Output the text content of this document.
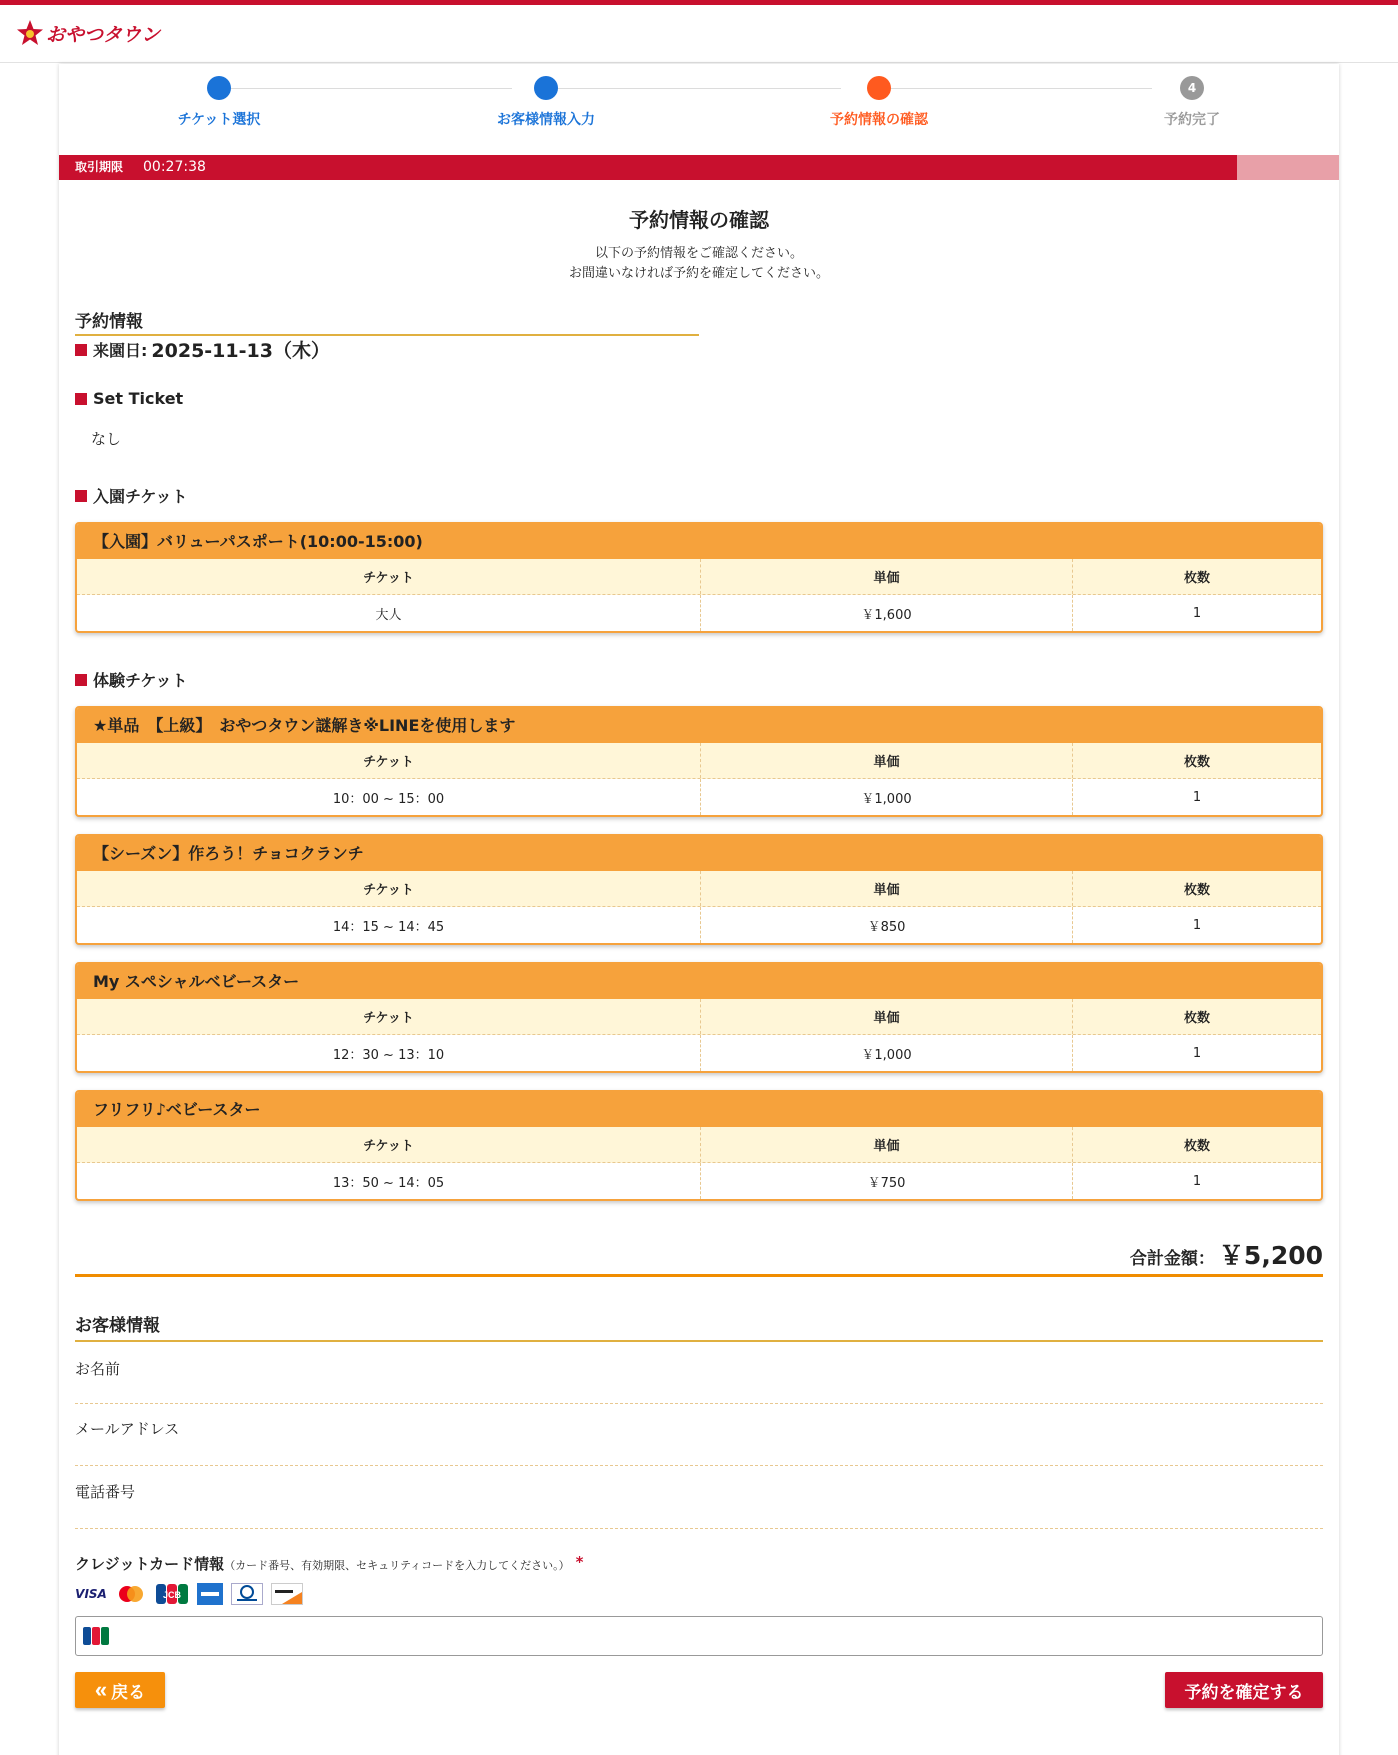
おやつタウン
チケット選択	お客様情報入力	予約情報の確認
4
予約完了
取引期限 00:27:38
予約情報の確認
以下の予約情報をご確認ください。
お間違いなければ予約を確定してください。
予約情報
来園日: 2025-11-13（木）
Set Ticket
なし
入園チケット
【入園】バリューパスポート(10:00-15:00)
チケット	単価	枚数
大人	￥1,600	1
体験チケット
★単品　【上級】　おやつタウン謎解き※LINEを使用します
チケット	単価	枚数
10：00 ~ 15：00	￥1,000	1
【シーズン】作ろう！チョコクランチ
チケット	単価	枚数
14：15 ~ 14：45	￥850	1
My スペシャルベビースター
チケット	単価	枚数
12：30 ~ 13：10	￥1,000	1
フリフリ♪ベビースター
チケット	単価	枚数
13：50 ~ 14：05	￥750	1
合計金額： ￥5,200
お客様情報
お名前
メールアドレス
電話番号
クレジットカード情報（カード番号、有効期限、セキュリティコードを入力してください。） *
VISA	JCB
« 戻る	予約を確定する
